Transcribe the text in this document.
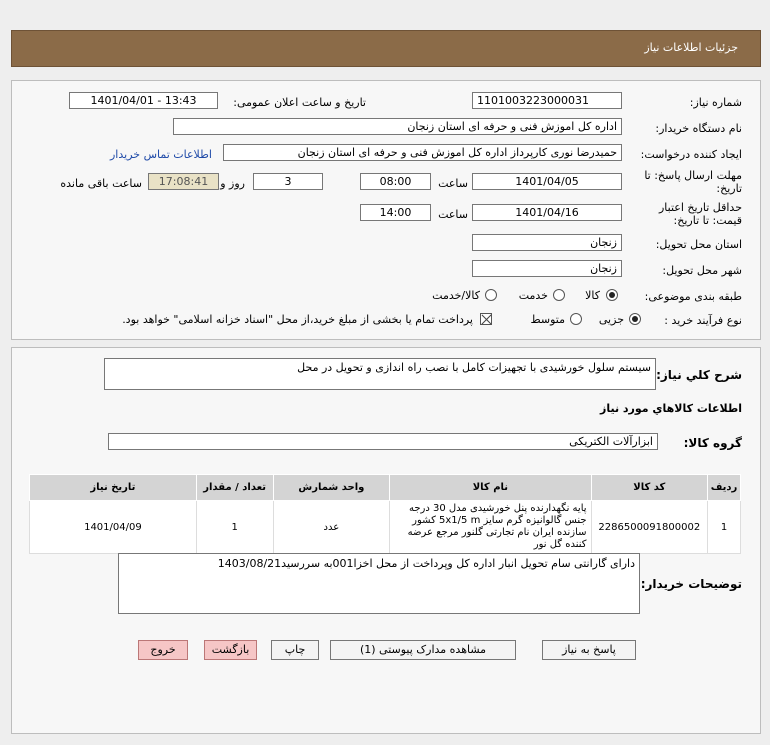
جزئیات اطلاعات نیاز
شماره نیاز:
1101003223000031
تاریخ و ساعت اعلان عمومی:
1401/04/01 - 13:43
نام دستگاه خریدار:
اداره کل اموزش فنی و حرفه ای استان زنجان
ایجاد کننده درخواست:
حمیدرضا نوری کارپرداز اداره کل اموزش فنی و حرفه ای استان زنجان
اطلاعات تماس خریدار
مهلت ارسال پاسخ: تا
تاریخ:
1401/04/05
ساعت
08:00
3
روز و
17:08:41
ساعت باقی مانده
حداقل تاریخ اعتبار
قیمت: تا تاریخ:
1401/04/16
ساعت
14:00
استان محل تحویل:
زنجان
شهر محل تحویل:
زنجان
طبقه بندی موضوعی:
کالا
خدمت
کالا/خدمت
نوع فرآیند خرید :
جزیی
متوسط
پرداخت تمام یا بخشی از مبلغ خرید،از محل "اسناد خزانه اسلامی" خواهد بود.
شرح کلي نياز:
سیستم سلول خورشیدی با تجهیزات کامل با نصب راه اندازی و تحویل در محل
اطلاعات کالاهاي مورد نياز
گروه کالا:
ابزارآلات الکتریکی
تاریخ نیاز	تعداد / مقدار	واحد شمارش	نام کالا	کد کالا	ردیف
1401/04/09	1	عدد	پایه نگهدارنده پنل خورشیدی مدل 30 درجه جنس گالوانیزه گرم سایز 5x1/5 m کشور سازنده ایران نام تجارتی گلنور مرجع عرضه کننده گل نور	2286500091800002	1
توضیحات خریدار:
دارای گارانتی سام تحویل انبار اداره کل وپرداخت از محل اخزا001به سررسید1403/08/21
پاسخ به نیاز
مشاهده مدارک پیوستی (1)
چاپ
بازگشت
خروج
